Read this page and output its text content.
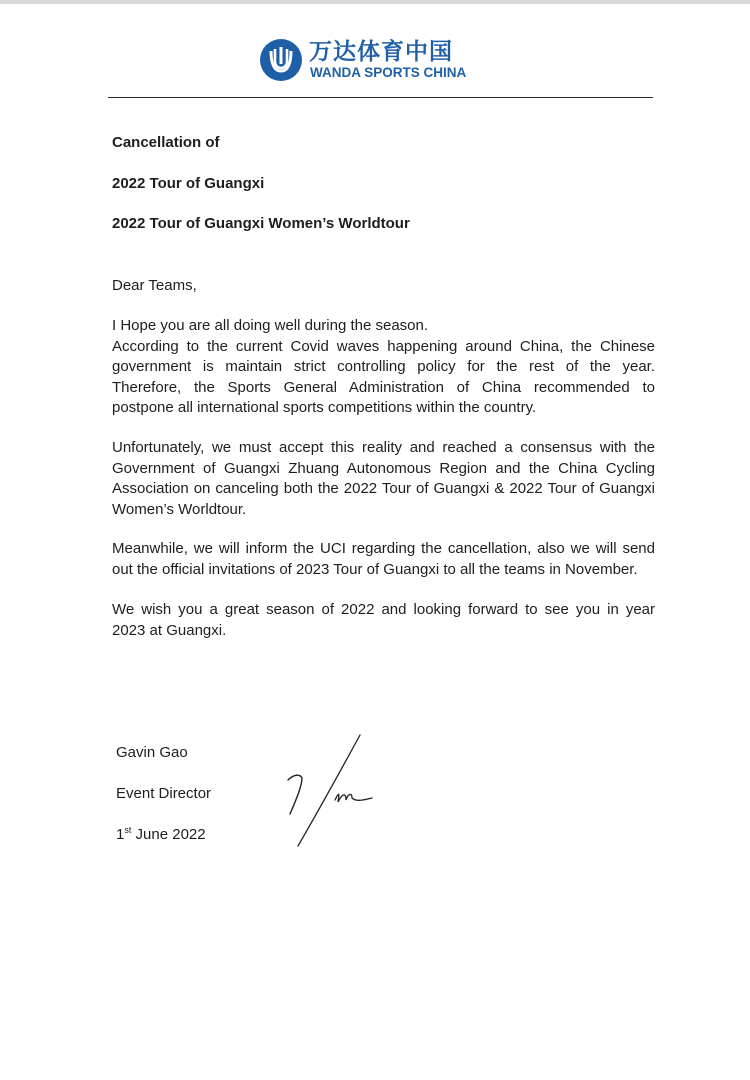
万达体育中国
WANDA SPORTS CHINA
Cancellation of
2022 Tour of Guangxi
2022 Tour of Guangxi Women’s Worldtour
Dear Teams,
I Hope you are all doing well during the season.
According to the current Covid waves happening around China, the Chinese
government is maintain strict controlling policy for the rest of the year.
Therefore, the Sports General Administration of China recommended to
postpone all international sports competitions within the country.
Unfortunately, we must accept this reality and reached a consensus with the
Government of Guangxi Zhuang Autonomous Region and the China Cycling
Association on canceling both the 2022 Tour of Guangxi & 2022 Tour of Guangxi
Women’s Worldtour.
Meanwhile, we will inform the UCI regarding the cancellation, also we will send
out the official invitations of 2023 Tour of Guangxi to all the teams in November.
We wish you a great season of 2022 and looking forward to see you in year
2023 at Guangxi.
Gavin Gao
Event Director
1st June 2022
